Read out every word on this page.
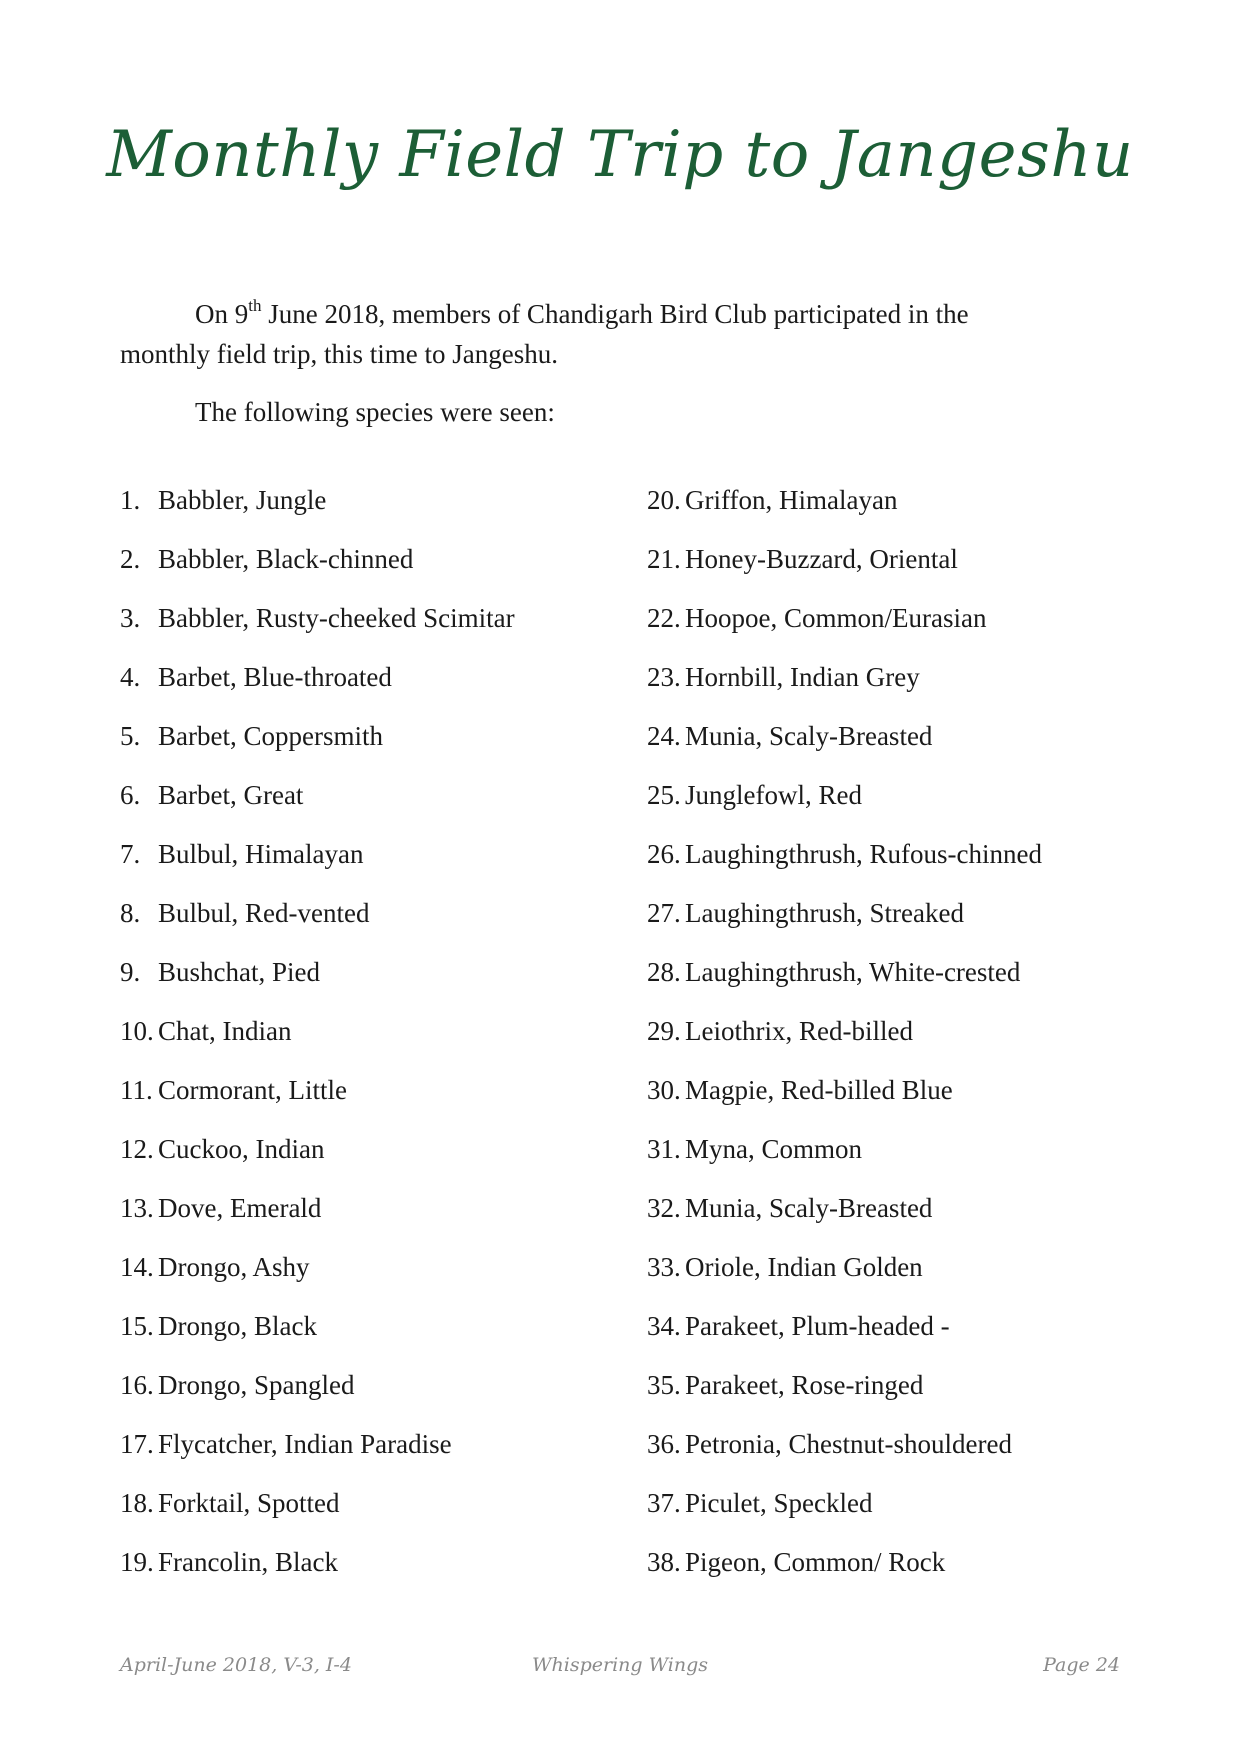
Monthly Field Trip to Jangeshu

On 9th June 2018, members of Chandigarh Bird Club participated in the monthly field trip, this time to Jangeshu.

The following species were seen:

1. Babbler, Jungle
2. Babbler, Black-chinned
3. Babbler, Rusty-cheeked Scimitar
4. Barbet, Blue-throated
5. Barbet, Coppersmith
6. Barbet, Great
7. Bulbul, Himalayan
8. Bulbul, Red-vented
9. Bushchat, Pied
10. Chat, Indian
11. Cormorant, Little
12. Cuckoo, Indian
13. Dove, Emerald
14. Drongo, Ashy
15. Drongo, Black
16. Drongo, Spangled
17. Flycatcher, Indian Paradise
18. Forktail, Spotted
19. Francolin, Black
20. Griffon, Himalayan
21. Honey-Buzzard, Oriental
22. Hoopoe, Common/Eurasian
23. Hornbill, Indian Grey
24. Munia, Scaly-Breasted
25. Junglefowl, Red
26. Laughingthrush, Rufous-chinned
27. Laughingthrush, Streaked
28. Laughingthrush, White-crested
29. Leiothrix, Red-billed
30. Magpie, Red-billed Blue
31. Myna, Common
32. Munia, Scaly-Breasted
33. Oriole, Indian Golden
34. Parakeet, Plum-headed -
35. Parakeet, Rose-ringed
36. Petronia, Chestnut-shouldered
37. Piculet, Speckled
38. Pigeon, Common/ Rock
April-June 2018, V-3, I-4	Whispering Wings	Page 24
